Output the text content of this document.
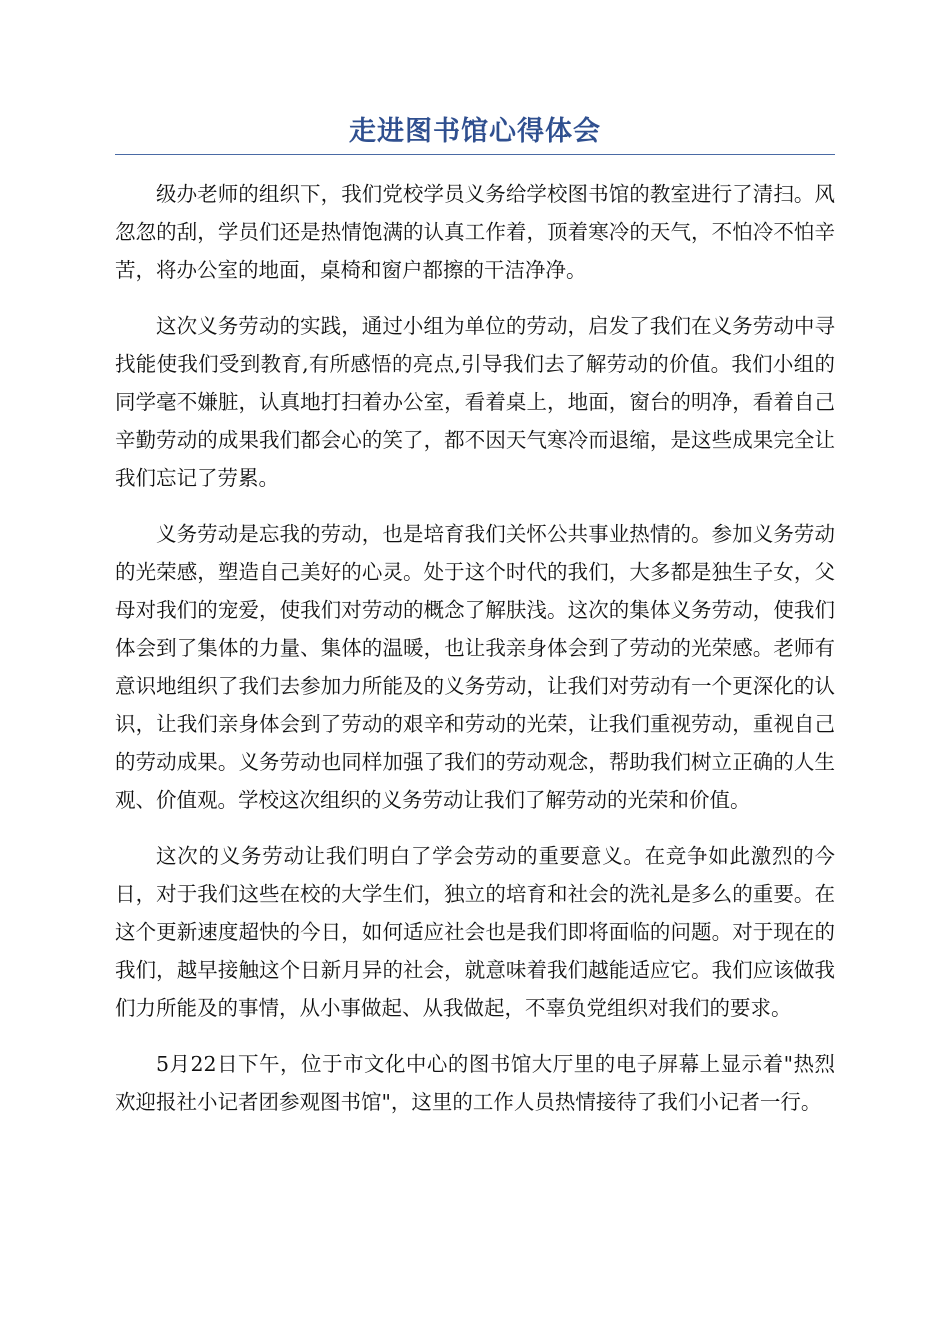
走进图书馆心得体会

级办老师的组织下，我们党校学员义务给学校图书馆的教室进行了清扫。风忽忽的刮，学员们还是热情饱满的认真工作着，顶着寒冷的天气，不怕冷不怕辛苦，将办公室的地面，桌椅和窗户都擦的干洁净净。

这次义务劳动的实践，通过小组为单位的劳动，启发了我们在义务劳动中寻找能使我们受到教育,有所感悟的亮点,引导我们去了解劳动的价值。我们小组的同学毫不嫌脏，认真地打扫着办公室，看着桌上，地面，窗台的明净，看着自己辛勤劳动的成果我们都会心的笑了，都不因天气寒冷而退缩，是这些成果完全让我们忘记了劳累。

义务劳动是忘我的劳动，也是培育我们关怀公共事业热情的。参加义务劳动的光荣感，塑造自己美好的心灵。处于这个时代的我们，大多都是独生子女，父母对我们的宠爱，使我们对劳动的概念了解肤浅。这次的集体义务劳动，使我们体会到了集体的力量、集体的温暖，也让我亲身体会到了劳动的光荣感。老师有意识地组织了我们去参加力所能及的义务劳动，让我们对劳动有一个更深化的认识，让我们亲身体会到了劳动的艰辛和劳动的光荣，让我们重视劳动，重视自己的劳动成果。义务劳动也同样加强了我们的劳动观念，帮助我们树立正确的人生观、价值观。学校这次组织的义务劳动让我们了解劳动的光荣和价值。

这次的义务劳动让我们明白了学会劳动的重要意义。在竞争如此激烈的今日，对于我们这些在校的大学生们，独立的培育和社会的洗礼是多么的重要。在这个更新速度超快的今日，如何适应社会也是我们即将面临的问题。对于现在的我们，越早接触这个日新月异的社会，就意味着我们越能适应它。我们应该做我们力所能及的事情，从小事做起、从我做起，不辜负党组织对我们的要求。

5月22日下午，位于市文化中心的图书馆大厅里的电子屏幕上显示着"热烈欢迎报社小记者团参观图书馆"，这里的工作人员热情接待了我们小记者一行。
